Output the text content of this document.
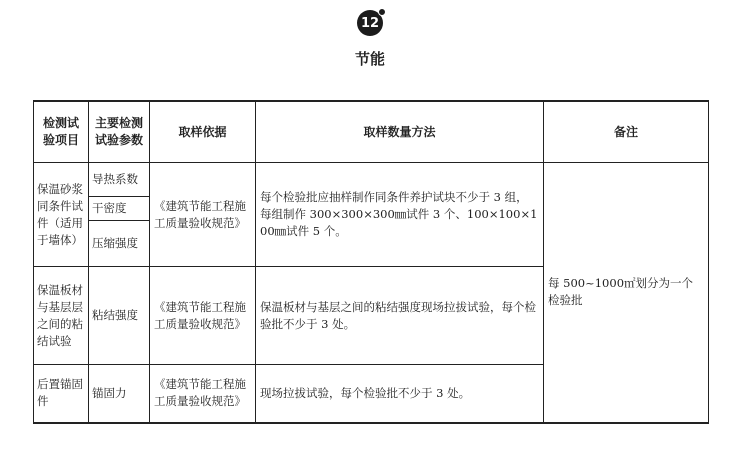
12
节能
检测试验项目	主要检测试验参数	取样依据	取样数量方法	备注
保温砂浆同条件试件（适用于墙体）	导热系数	《建筑节能工程施工质量验收规范》	每个检验批应抽样制作同条件养护试块不少于 3 组，每组制作 300×300×300㎜试件 3 个、100×100×100㎜试件 5 个。	每 500~1000㎡划分为一个检验批
	干密度			
	压缩强度			
保温板材与基层层之间的粘结试验	粘结强度	《建筑节能工程施工质量验收规范》	保温板材与基层之间的粘结强度现场拉拔试验，每个检验批不少于 3 处。	
后置锚固件	锚固力	《建筑节能工程施工质量验收规范》	现场拉拔试验，每个检验批不少于 3 处。	
